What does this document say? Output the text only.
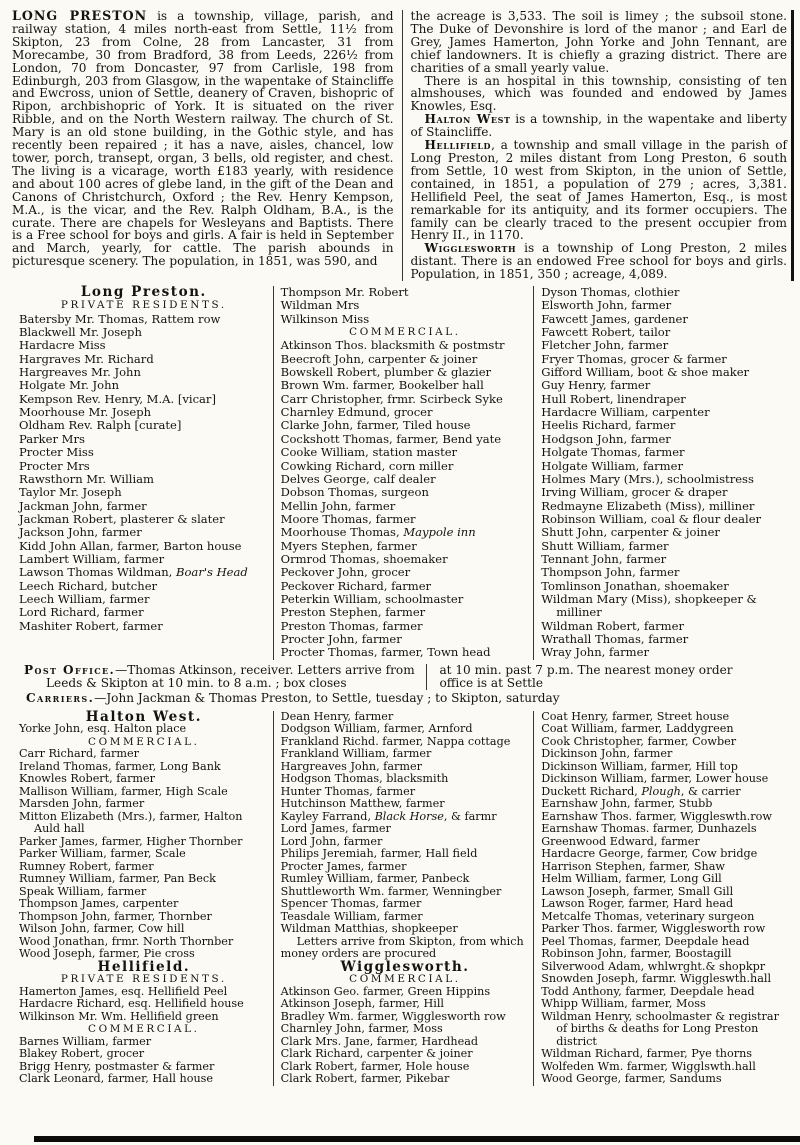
LONG PRESTON is a township, village, parish, and railway station, 4 miles north-east from Settle, 11½ from Skipton, 23 from Colne, 28 from Lancaster, 31 from Morecambe, 30 from Bradford, 38 from Leeds, 226½ from London, 70 from Doncaster, 97 from Carlisle, 198 from Edinburgh, 203 from Glasgow, in the wapentake of Staincliffe and Ewcross, union of Settle, deanery of Craven, bishopric of Ripon, archbishopric of York. It is situated on the river Ribble, and on the North Western railway. The church of St. Mary is an old stone building, in the Gothic style, and has recently been repaired ; it has a nave, aisles, chancel, low tower, porch, transept, organ, 3 bells, old register, and chest. The living is a vicarage, worth £183 yearly, with residence and about 100 acres of glebe land, in the gift of the Dean and Canons of Christchurch, Oxford ; the Rev. Henry Kempson, M.A., is the vicar, and the Rev. Ralph Oldham, B.A., is the curate. There are chapels for Wesleyans and Baptists. There is a Free school for boys and girls. A fair is held in September and March, yearly, for cattle. The parish abounds in picturesque scenery. The population, in 1851, was 590, and

the acreage is 3,533. The soil is limey ; the subsoil stone. The Duke of Devonshire is lord of the manor ; and Earl de Grey, James Hamerton, John Yorke and John Tennant, are chief landowners. It is chiefly a grazing district. There are charities of a small yearly value.

There is an hospital in this township, consisting of ten almshouses, which was founded and endowed by James Knowles, Esq.

Halton West is a township, in the wapentake and liberty of Staincliffe.

Hellifield, a township and small village in the parish of Long Preston, 2 miles distant from Long Preston, 6 south from Settle, 10 west from Skipton, in the union of Settle, contained, in 1851, a population of 279 ; acres, 3,381. Hellifield Peel, the seat of James Hamerton, Esq., is most remarkable for its antiquity, and its former occupiers. The family can be clearly traced to the present occupier from Henry II., in 1170.

Wigglesworth is a township of Long Preston, 2 miles distant. There is an endowed Free school for boys and girls. Population, in 1851, 350 ; acreage, 4,089.

Long Preston.
PRIVATE RESIDENTS.
Batersby Mr. Thomas, Rattem row
Blackwell Mr. Joseph
Hardacre Miss
Hargraves Mr. Richard
Hargreaves Mr. John
Holgate Mr. John
Kempson Rev. Henry, M.A. [vicar]
Moorhouse Mr. Joseph
Oldham Rev. Ralph [curate]
Parker Mrs
Procter Miss
Procter Mrs
Rawsthorn Mr. William
Taylor Mr. Joseph
Jackman John, farmer
Jackman Robert, plasterer & slater
Jackson John, farmer
Kidd John Allan, farmer, Barton house
Lambert William, farmer
Lawson Thomas Wildman, Boar's Head
Leech Richard, butcher
Leech William, farmer
Lord Richard, farmer
Mashiter Robert, farmer
Thompson Mr. Robert
Wildman Mrs
Wilkinson Miss
COMMERCIAL.
Atkinson Thos. blacksmith & postmstr
Beecroft John, carpenter & joiner
Bowskell Robert, plumber & glazier
Brown Wm. farmer, Bookelber hall
Carr Christopher, frmr. Scirbeck Syke
Charnley Edmund, grocer
Clarke John, farmer, Tiled house
Cockshott Thomas, farmer, Bend yate
Cooke William, station master
Cowking Richard, corn miller
Delves George, calf dealer
Dobson Thomas, surgeon
Mellin John, farmer
Moore Thomas, farmer
Moorhouse Thomas, Maypole inn
Myers Stephen, farmer
Ormrod Thomas, shoemaker
Peckover John, grocer
Peckover Richard, farmer
Peterkin William, schoolmaster
Preston Stephen, farmer
Preston Thomas, farmer
Procter John, farmer
Procter Thomas, farmer, Town head
Dyson Thomas, clothier
Elsworth John, farmer
Fawcett James, gardener
Fawcett Robert, tailor
Fletcher John, farmer
Fryer Thomas, grocer & farmer
Gifford William, boot & shoe maker
Guy Henry, farmer
Hull Robert, linendraper
Hardacre William, carpenter
Heelis Richard, farmer
Hodgson John, farmer
Holgate Thomas, farmer
Holgate William, farmer
Holmes Mary (Mrs.), schoolmistress
Irving William, grocer & draper
Redmayne Elizabeth (Miss), milliner
Robinson William, coal & flour dealer
Shutt John, carpenter & joiner
Shutt William, farmer
Tennant John, farmer
Thompson John, farmer
Tomlinson Jonathan, shoemaker
Wildman Mary (Miss), shopkeeper & milliner
Wildman Robert, farmer
Wrathall Thomas, farmer
Wray John, farmer
Post Office.—Thomas Atkinson, receiver. Letters arrive from Leeds & Skipton at 10 min. to 8 a.m. ; box closes
at 10 min. past 7 p.m. The nearest money order office is at Settle
Carriers.—John Jackman & Thomas Preston, to Settle, tuesday ; to Skipton, saturday
Halton West.
Yorke John, esq. Halton place
COMMERCIAL.
Carr Richard, farmer
Ireland Thomas, farmer, Long Bank
Knowles Robert, farmer
Mallison William, farmer, High Scale
Marsden John, farmer
Mitton Elizabeth (Mrs.), farmer, Halton Auld hall
Parker James, farmer, Higher Thornber
Parker William, farmer, Scale
Rumney Robert, farmer
Rumney William, farmer, Pan Beck
Speak William, farmer
Thompson James, carpenter
Thompson John, farmer, Thornber
Wilson John, farmer, Cow hill
Wood Jonathan, frmr. North Thornber
Wood Joseph, farmer, Pie cross
Hellifield.
PRIVATE RESIDENTS.
Hamerton James, esq. Hellifield Peel
Hardacre Richard, esq. Hellifield house
Wilkinson Mr. Wm. Hellifield green
COMMERCIAL.
Barnes William, farmer
Blakey Robert, grocer
Brigg Henry, postmaster & farmer
Clark Leonard, farmer, Hall house
Dean Henry, farmer
Dodgson William, farmer, Arnford
Frankland Richd. farmer, Nappa cottage
Frankland William, farmer
Hargreaves John, farmer
Hodgson Thomas, blacksmith
Hunter Thomas, farmer
Hutchinson Matthew, farmer
Kayley Farrand, Black Horse, & farmr
Lord James, farmer
Lord John, farmer
Philips Jeremiah, farmer, Hall field
Procter James, farmer
Rumley William, farmer, Panbeck
Shuttleworth Wm. farmer, Wenningber
Spencer Thomas, farmer
Teasdale William, farmer
Wildman Matthias, shopkeeper
Letters arrive from Skipton, from which money orders are procured
Wigglesworth.
COMMERCIAL.
Atkinson Geo. farmer, Green Hippins
Atkinson Joseph, farmer, Hill
Bradley Wm. farmer, Wigglesworth row
Charnley John, farmer, Moss
Clark Mrs. Jane, farmer, Hardhead
Clark Richard, carpenter & joiner
Clark Robert, farmer, Hole house
Clark Robert, farmer, Pikebar
Coat Henry, farmer, Street house
Coat William, farmer, Laddygreen
Cook Christopher, farmer, Cowber
Dickinson John, farmer
Dickinson William, farmer, Hill top
Dickinson William, farmer, Lower house
Duckett Richard, Plough, & carrier
Earnshaw John, farmer, Stubb
Earnshaw Thos. farmer, Wiggleswth.row
Earnshaw Thomas. farmer, Dunhazels
Greenwood Edward, farmer
Hardacre George, farmer, Cow bridge
Harrison Stephen, farmer, Shaw
Helm William, farmer, Long Gill
Lawson Joseph, farmer, Small Gill
Lawson Roger, farmer, Hard head
Metcalfe Thomas, veterinary surgeon
Parker Thos. farmer, Wigglesworth row
Peel Thomas, farmer, Deepdale head
Robinson John, farmer, Boostagill
Silverwood Adam, whlwrght.& shopkpr
Snowden Joseph, farmr. Wiggleswth.hall
Todd Anthony, farmer, Deepdale head
Whipp William, farmer, Moss
Wildman Henry, schoolmaster & registrar of births & deaths for Long Preston district
Wildman Richard, farmer, Pye thorns
Wolfeden Wm. farmer, Wigglswth.hall
Wood George, farmer, Sandums
